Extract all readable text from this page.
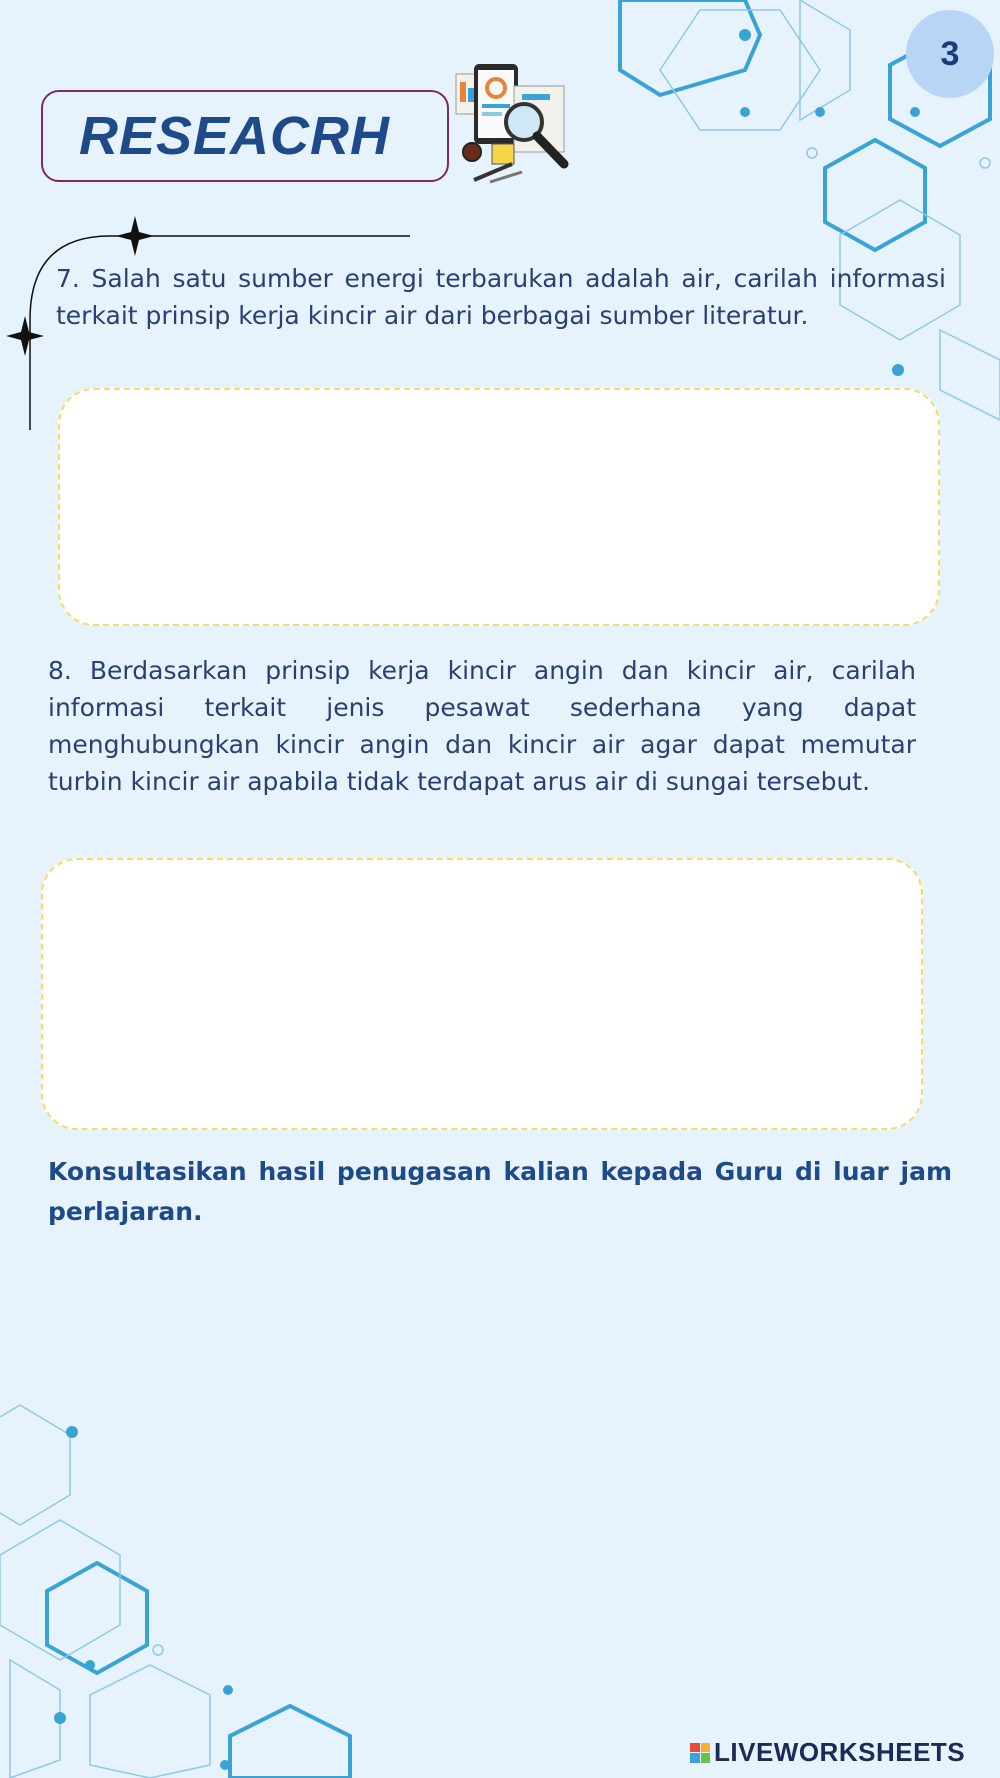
3
RESEACRH

7. Salah satu sumber energi terbarukan adalah air, carilah informasi terkait prinsip kerja kincir air dari berbagai sumber literatur.

8. Berdasarkan prinsip kerja kincir angin dan kincir air, carilah informasi terkait jenis pesawat sederhana yang dapat menghubungkan kincir angin dan kincir air agar dapat memutar turbin kincir air apabila tidak terdapat arus air di sungai tersebut.

Konsultasikan hasil penugasan kalian kepada Guru di luar jam perlajaran.

LIVEWORKSHEETS
